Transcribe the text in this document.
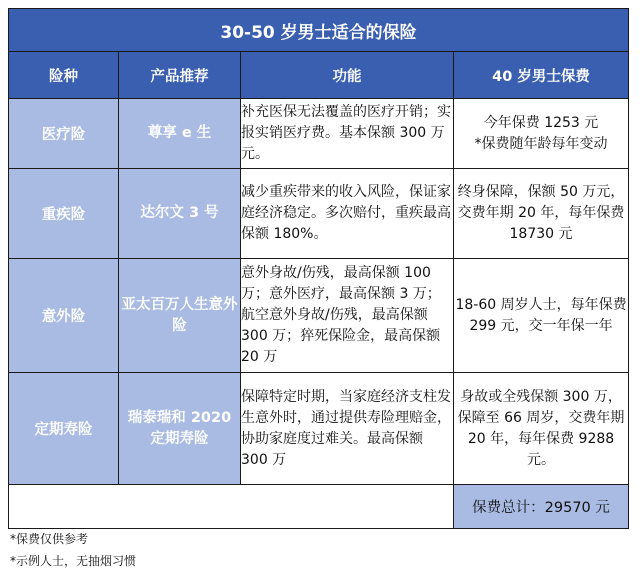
30-50 岁男士适合的保险			
险种	产品推荐	功能	40 岁男士保费
医疗险	尊享 e 生	补充医保无法覆盖的医疗开销；实报实销医疗费。基本保额 300 万元。	今年保费 1253 元
*保费随年龄每年变动
重疾险	达尔文 3 号	减少重疾带来的收入风险，保证家庭经济稳定。多次赔付，重疾最高保额 180%。	终身保障，保额 50 万元，交费年期 20 年，每年保费 18730 元
意外险	亚太百万人生意外险	意外身故/伤残，最高保额 100 万；意外医疗，最高保额 3 万；航空意外身故/伤残，最高保额 300 万；猝死保险金，最高保额 20 万	18-60 周岁人士，每年保费 299 元，交一年保一年
定期寿险	瑞泰瑞和 2020 定期寿险	保障特定时期，当家庭经济支柱发生意外时，通过提供寿险理赔金，协助家庭度过难关。最高保额 300 万	身故或全残保额 300 万，保障至 66 周岁，交费年期 20 年，每年保费 9288 元。
			保费总计：29570 元
*保费仅供参考
*示例人士，无抽烟习惯
